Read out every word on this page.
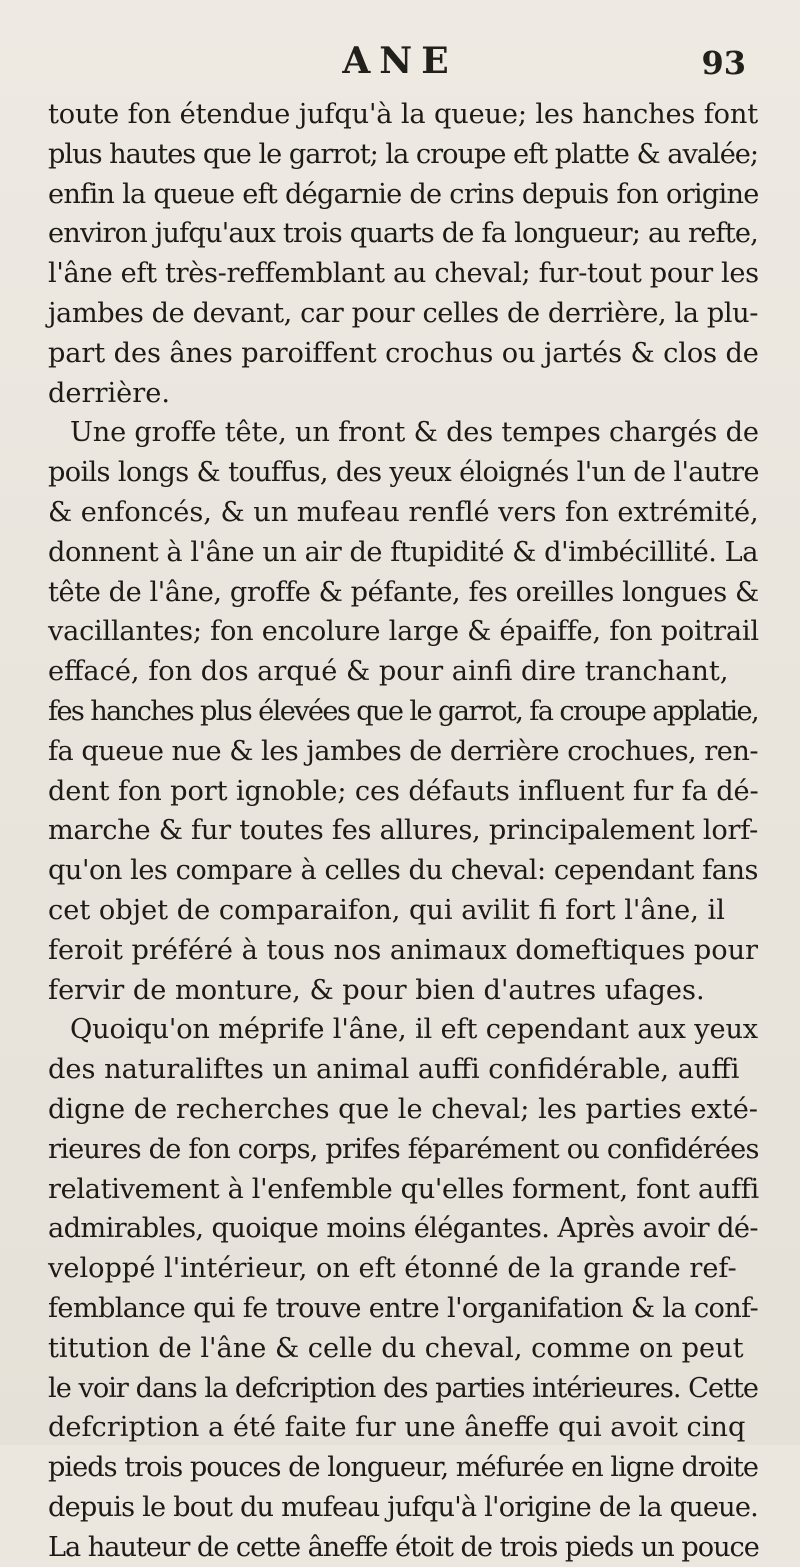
ANE	93
toute fon étendue jufqu'à la queue; les hanches font
plus hautes que le garrot; la croupe eft platte & avalée;
enfin la queue eft dégarnie de crins depuis fon origine
environ jufqu'aux trois quarts de fa longueur; au refte,
l'âne eft très-reffemblant au cheval; fur-tout pour les
jambes de devant, car pour celles de derrière, la plu-
part des ânes paroiffent crochus ou jartés & clos de
derrière.
Une groffe tête, un front & des tempes chargés de
poils longs & touffus, des yeux éloignés l'un de l'autre
& enfoncés, & un mufeau renflé vers fon extrémité,
donnent à l'âne un air de ftupidité & d'imbécillité. La
tête de l'âne, groffe & péfante, fes oreilles longues &
vacillantes; fon encolure large & épaiffe, fon poitrail
effacé, fon dos arqué & pour ainfi dire tranchant,
fes hanches plus élevées que le garrot, fa croupe applatie,
fa queue nue & les jambes de derrière crochues, ren-
dent fon port ignoble; ces défauts influent fur fa dé-
marche & fur toutes fes allures, principalement lorf-
qu'on les compare à celles du cheval: cependant fans
cet objet de comparaifon, qui avilit fi fort l'âne, il
feroit préféré à tous nos animaux domeftiques pour
fervir de monture, & pour bien d'autres ufages.
Quoiqu'on méprife l'âne, il eft cependant aux yeux
des naturaliftes un animal auffi confidérable, auffi
digne de recherches que le cheval; les parties exté-
rieures de fon corps, prifes féparément ou confidérées
relativement à l'enfemble qu'elles forment, font auffi
admirables, quoique moins élégantes. Après avoir dé-
veloppé l'intérieur, on eft étonné de la grande ref-
femblance qui fe trouve entre l'organifation & la conf-
titution de l'âne & celle du cheval, comme on peut
le voir dans la defcription des parties intérieures. Cette
defcription a été faite fur une âneffe qui avoit cinq
pieds trois pouces de longueur, méfurée en ligne droite
depuis le bout du mufeau jufqu'à l'origine de la queue.
La hauteur de cette âneffe étoit de trois pieds un pouce
